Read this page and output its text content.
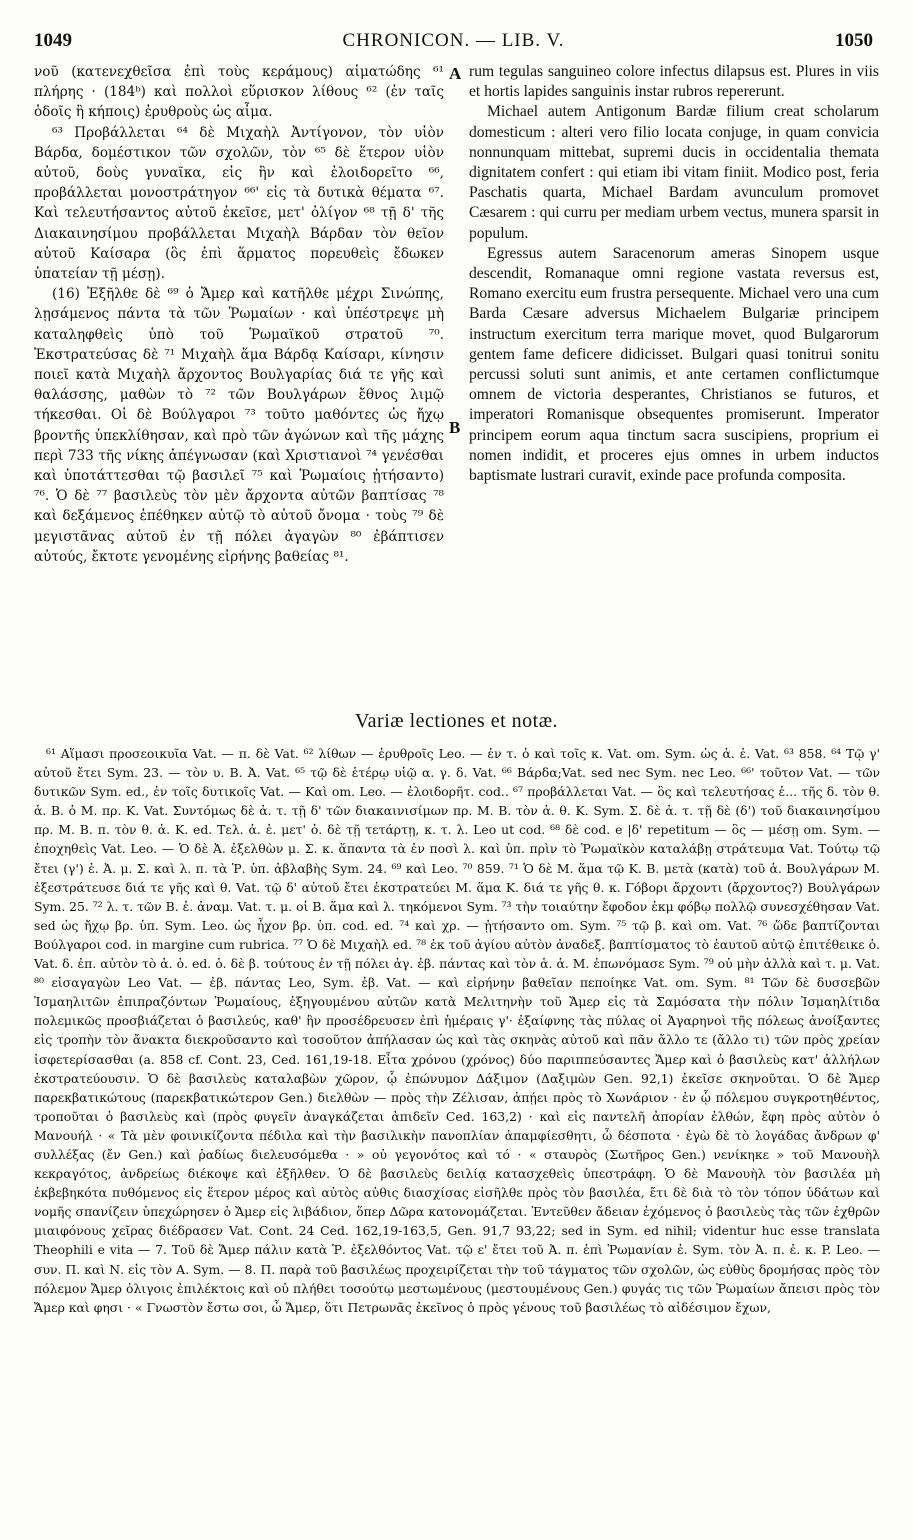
1049	CHRONICON. — LIB. V.	1050

νοῦ (κατενεχθεῖσα ἐπὶ τοὺς κεράμους) αἱματώδης ⁶¹ πλήρης · (184ᵇ) καὶ πολλοὶ εὕρισκον λίθους ⁶² (ἐν ταῖς ὁδοῖς ἢ κήποις) ἐρυθροὺς ὡς αἷμα.

⁶³ Προβάλλεται ⁶⁴ δὲ Μιχαὴλ Ἀντίγονον, τὸν υἱὸν Βάρδα, δομέστικον τῶν σχολῶν, τὸν ⁶⁵ δὲ ἕτερον υἱὸν αὐτοῦ, δοὺς γυναῖκα, εἰς ἣν καὶ ἐλοιδορεῖτο ⁶⁶, προβάλλεται μονοστράτηγον ⁶⁶' εἰς τὰ δυτικὰ θέματα ⁶⁷. Καὶ τελευτήσαντος αὐτοῦ ἐκεῖσε, μετ' ὀλίγον ⁶⁸ τῇ δ' τῆς Διακαινησίμου προβάλλεται Μιχαὴλ Βάρδαν τὸν θεῖον αὐτοῦ Καίσαρα (ὃς ἐπὶ ἅρματος πορευθεὶς ἔδωκεν ὑπατείαν τῇ μέσῃ).

(16) Ἐξῆλθε δὲ ⁶⁹ ὁ Ἄμερ καὶ κατῆλθε μέχρι Σινώπης, λῃσάμενος πάντα τὰ τῶν Ῥωμαίων · καὶ ὑπέστρεψε μὴ καταληφθεὶς ὑπὸ τοῦ Ῥωμαϊκοῦ στρατοῦ ⁷⁰. Ἐκστρατεύσας δὲ ⁷¹ Μιχαὴλ ἅμα Βάρδᾳ Καίσαρι, κίνησιν ποιεῖ κατὰ Μιχαὴλ ἄρχοντος Βουλγαρίας διά τε γῆς καὶ θαλάσσης, μαθὼν τὸ ⁷² τῶν Βουλγάρων ἔθνος λιμῷ τήκεσθαι. Οἱ δὲ Βούλγαροι ⁷³ τοῦτο μαθόντες ὡς ἤχῳ βροντῆς ὑπεκλίθησαν, καὶ πρὸ τῶν ἀγώνων καὶ τῆς μάχης περὶ 733 τῆς νίκης ἀπέγνωσαν (καὶ Χριστιανοὶ ⁷⁴ γενέσθαι καὶ ὑποτάττεσθαι τῷ βασιλεῖ ⁷⁵ καὶ Ῥωμαίοις ᾐτήσαντο) ⁷⁶. Ὁ δὲ ⁷⁷ βασιλεὺς τὸν μὲν ἄρχοντα αὐτῶν βαπτίσας ⁷⁸ καὶ δεξάμενος ἐπέθηκεν αὐτῷ τὸ αὐτοῦ ὄνομα · τοὺς ⁷⁹ δὲ μεγιστᾶνας αὐτοῦ ἐν τῇ πόλει ἀγαγὼν ⁸⁰ ἐβάπτισεν αὐτούς, ἔκτοτε γενομένης εἰρήνης βαθείας ⁸¹.

A
B

rum tegulas sanguineo colore infectus dilapsus est. Plures in viis et hortis lapides sanguinis instar rubros repererunt.

Michael autem Antigonum Bardæ filium creat scholarum domesticum : alteri vero filio locata conjuge, in quam convicia nonnunquam mittebat, supremi ducis in occidentalia themata dignitatem confert : qui etiam ibi vitam finiit. Modico post, feria Paschatis quarta, Michael Bardam avunculum promovet Cæsarem : qui curru per mediam urbem vectus, munera sparsit in populum.

Egressus autem Saracenorum ameras Sinopem usque descendit, Romanaque omni regione vastata reversus est, Romano exercitu eum frustra persequente. Michael vero una cum Barda Cæsare adversus Michaelem Bulgariæ principem instructum exercitum terra marique movet, quod Bulgarorum gentem fame deficere didicisset. Bulgari quasi tonitrui sonitu percussi soluti sunt animis, et ante certamen conflictumque omnem de victoria desperantes, Christianos se futuros, et imperatori Romanisque obsequentes promiserunt. Imperator principem eorum aqua tinctum sacra suscipiens, proprium ei nomen indidit, et proceres ejus omnes in urbem inductos baptismate lustrari curavit, exinde pace profunda composita.

Variæ lectiones et notæ.

⁶¹ Αἵμασι προσεοικυῖα Vat. — π. δὲ Vat. ⁶² λίθων — ἐρυθροῖς Leo. — ἐν τ. ὁ καὶ τοῖς κ. Vat. om. Sym. ὡς ἁ. ἐ. Vat. ⁶³ 858. ⁶⁴ Τῷ γ' αὐτοῦ ἔτει Sym. 23. — τὸν υ. Β. Ἀ. Vat. ⁶⁵ τῷ δὲ ἑτέρῳ υἱῷ α. γ. δ. Vat. ⁶⁶ Βάρδα;Vat. sed nec Sym. nec Leo. ⁶⁶' τοῦτον Vat. — τῶν δυτικῶν Sym. ed., ἐν τοῖς δυτικοῖς Vat. — Καὶ om. Leo. — ἐλοιδορῆτ. cod.. ⁶⁷ προβάλλεται Vat. — ὃς καὶ τελευτήσας ἐ... τῆς δ. τὸν θ. ἁ. Β. ὁ Μ. πρ. Κ. Vat. Συντόμως δὲ ἁ. τ. τῇ δ' τῶν διακαινισίμων πρ. Μ. Β. τὸν ἁ. θ. Κ. Sym. Σ. δὲ ἁ. τ. τῇ δὲ (δ') τοῦ διακαινησίμου πρ. Μ. Β. π. τὸν θ. ἁ. Κ. ed. Τελ. ἁ. ἐ. μετ' ὀ. δὲ τῇ τετάρτῃ, κ. τ. λ. Leo ut cod. ⁶⁸ δὲ cod. e |δ' repetitum — ὃς — μέσῃ om. Sym. — ἐποχηθεὶς Vat. Leo. — Ὁ δὲ Ἀ. ἐξελθὼν μ. Σ. κ. ἅπαντα τὰ ἐν ποσὶ λ. καὶ ὑπ. πρὶν τὸ Ῥωμαϊκὸν καταλάβῃ στράτευμα Vat. Τούτῳ τῷ ἔτει (γ') ἐ. Ἀ. μ. Σ. καὶ λ. π. τὰ Ῥ. ὑπ. ἀβλαβὴς Sym. 24. ⁶⁹ καὶ Leo. ⁷⁰ 859. ⁷¹ Ὁ δὲ Μ. ἅμα τῷ Κ. Β. μετὰ (κατὰ) τοῦ ἁ. Βουλγάρων Μ. ἐξεστράτευσε διά τε γῆς καὶ θ. Vat. τῷ δ' αὐτοῦ ἔτει ἐκστρατεύει Μ. ἅμα Κ. διά τε γῆς θ. κ. Γόβορι ἄρχοντι (ἄρχοντος?) Βουλγάρων Sym. 25. ⁷² λ. τ. τῶν Β. ἐ. ἀναμ. Vat. τ. μ. οἱ Β. ἅμα καὶ λ. τηκόμενοι Sym. ⁷³ τὴν τοιαύτην ἔφοδον ἐκμ φόβῳ πολλῷ συνεσχέθησαν Vat. sed ὡς ἤχῳ βρ. ὑπ. Sym. Leo. ὡς ἦχον βρ. ὑπ. cod. ed. ⁷⁴ καὶ χρ. — ᾐτήσαντο om. Sym. ⁷⁵ τῷ β. καὶ om. Vat. ⁷⁶ ὥδε βαπτίζονται Βούλγαροι cod. in margine cum rubrica. ⁷⁷ Ὁ δὲ Μιχαὴλ ed. ⁷⁸ ἐκ τοῦ ἁγίου αὐτὸν ἀναδεξ. βαπτίσματος τὸ ἑαυτοῦ αὐτῷ ἐπιτέθεικε ὁ. Vat. δ. ἐπ. αὐτὸν τὸ ἁ. ὁ. ed. ὁ. δὲ β. τούτους ἐν τῇ πόλει ἀγ. ἐβ. πάντας καὶ τὸν ἁ. ἁ. Μ. ἐπωνόμασε Sym. ⁷⁹ οὐ μὴν ἀλλὰ καὶ τ. μ. Vat. ⁸⁰ εἰσαγαγὼν Leo Vat. — ἐβ. πάντας Leo, Sym. ἐβ. Vat. — καὶ εἰρήνην βαθεῖαν πεποίηκε Vat. om. Sym. ⁸¹ Τῶν δὲ δυσσεβῶν Ἰσμαηλιτῶν ἐπιπραζόντων Ῥωμαίους, ἐξηγουμένου αὐτῶν κατὰ Μελιτηνὴν τοῦ Ἄμερ εἰς τὰ Σαμόσατα τὴν πόλιν Ἰσμαηλίτιδα πολεμικῶς προσβιάζεται ὁ βασιλεύς, καθ' ἣν προσέδρευσεν ἐπὶ ἡμέραις γ'· ἐξαίφνης τὰς πύλας οἱ Ἀγαρηνοὶ τῆς πόλεως ἀνοίξαντες εἰς τροπὴν τὸν ἄνακτα διεκροῦσαντο καὶ τοσοῦτον ἀπήλασαν ὡς καὶ τὰς σκηνὰς αὐτοῦ καὶ πᾶν ἄλλο τε (ἄλλο τι) τῶν πρὸς χρείαν ἰσφετερίσασθαι (a. 858 cf. Cont. 23, Ced. 161,19-18. Εἶτα χρόνου (χρόνος) δύο παριππεύσαντες Ἄμερ καὶ ὁ βασιλεὺς κατ' ἀλλήλων ἐκστρατεύουσιν. Ὁ δὲ βασιλεὺς καταλαβὼν χῶρον, ᾧ ἐπώνυμον Δάξιμον (Δαξιμὼν Gen. 92,1) ἐκεῖσε σκηνοῦται. Ὁ δὲ Ἄμερ παρεκβατικώτους (παρεκβατικώτερον Gen.) διελθὼν — πρὸς τὴν Ζέλισαν, ἀπῄει πρὸς τὸ Χωνάριον · ἐν ᾧ πόλεμου συγκροτηθέντος, τροποῦται ὁ βασιλεὺς καὶ (πρὸς φυγεῖν ἀναγκάζεται ἀπιδεῖν Ced. 163,2) · καὶ εἰς παντελῆ ἀπορίαν ἐλθών, ἔφη πρὸς αὐτὸν ὁ Μανουήλ · « Τὰ μὲν φοινικίζοντα πέδιλα καὶ τὴν βασιλικὴν πανοπλίαν ἀπαμφίεσθητι, ὦ δέσποτα · ἐγὼ δὲ τὸ λογάδας ἄνδρων φ' συλλέξας (ἔν Gen.) καὶ ῥαδίως διελευσόμεθα · » οὐ γεγονότος καὶ τό · « σταυρὸς (Σωτῆρος Gen.) νενίκηκε » τοῦ Μανουὴλ κεκραγότος, ἀνδρείως διέκοψε καὶ ἐξῆλθεν. Ὁ δὲ βασιλεὺς δειλίᾳ κατασχεθεὶς ὑπεστράφη. Ὁ δὲ Μανουὴλ τὸν βασιλέα μὴ ἐκβεβηκότα πυθόμενος εἰς ἕτερον μέρος καὶ αὐτὸς αὐθις διασχίσας εἰσῆλθε πρὸς τὸν βασιλέα, ἔτι δὲ διὰ τὸ τὸν τόπον ὑδάτων καὶ νομῆς σπανίζειν ὑπεχώρησεν ὁ Ἄμερ εἰς λιβάδιον, ὅπερ Δῶρα κατονομάζεται. Ἐντεῦθεν ἄδειαν ἐχόμενος ὁ βασιλεὺς τὰς τῶν ἐχθρῶν μιαιφόνους χεῖρας διέδρασεν Vat. Cont. 24 Ced. 162,19-163,5, Gen. 91,7 93,22; sed in Sym. ed nihil; videntur huc esse translata Theophili e vita — 7. Τοῦ δὲ Ἄμερ πάλιν κατὰ Ῥ. ἐξελθόντος Vat. τῷ ε' ἔτει τοῦ Ἀ. π. ἐπὶ Ῥωμανίαν ἐ. Sym. τὸν Ἀ. π. ἐ. κ. P. Leo. — συν. Π. καὶ Ν. εἰς τὸν Α. Sym. — 8. Π. παρὰ τοῦ βασιλέως προχειρίζεται τὴν τοῦ τάγματος τῶν σχολῶν, ὡς εὐθὺς δρομήσας πρὸς τὸν πόλεμον Ἄμερ ὀλιγοις ἐπιλέκτοις καὶ οὐ πλήθει τοσούτῳ μεστωμένους (μεστουμένους Gen.) φυγάς τις τῶν Ῥωμαίων ἄπεισι πρὸς τὸν Ἄμερ καὶ φησι · « Γνωστὸν ἔστω σοι, ὦ Ἄμερ, ὅτι Πετρωνᾶς ἐκεῖνος ὁ πρὸς γένους τοῦ βασιλέως τὸ αἰδέσιμον ἔχων,
